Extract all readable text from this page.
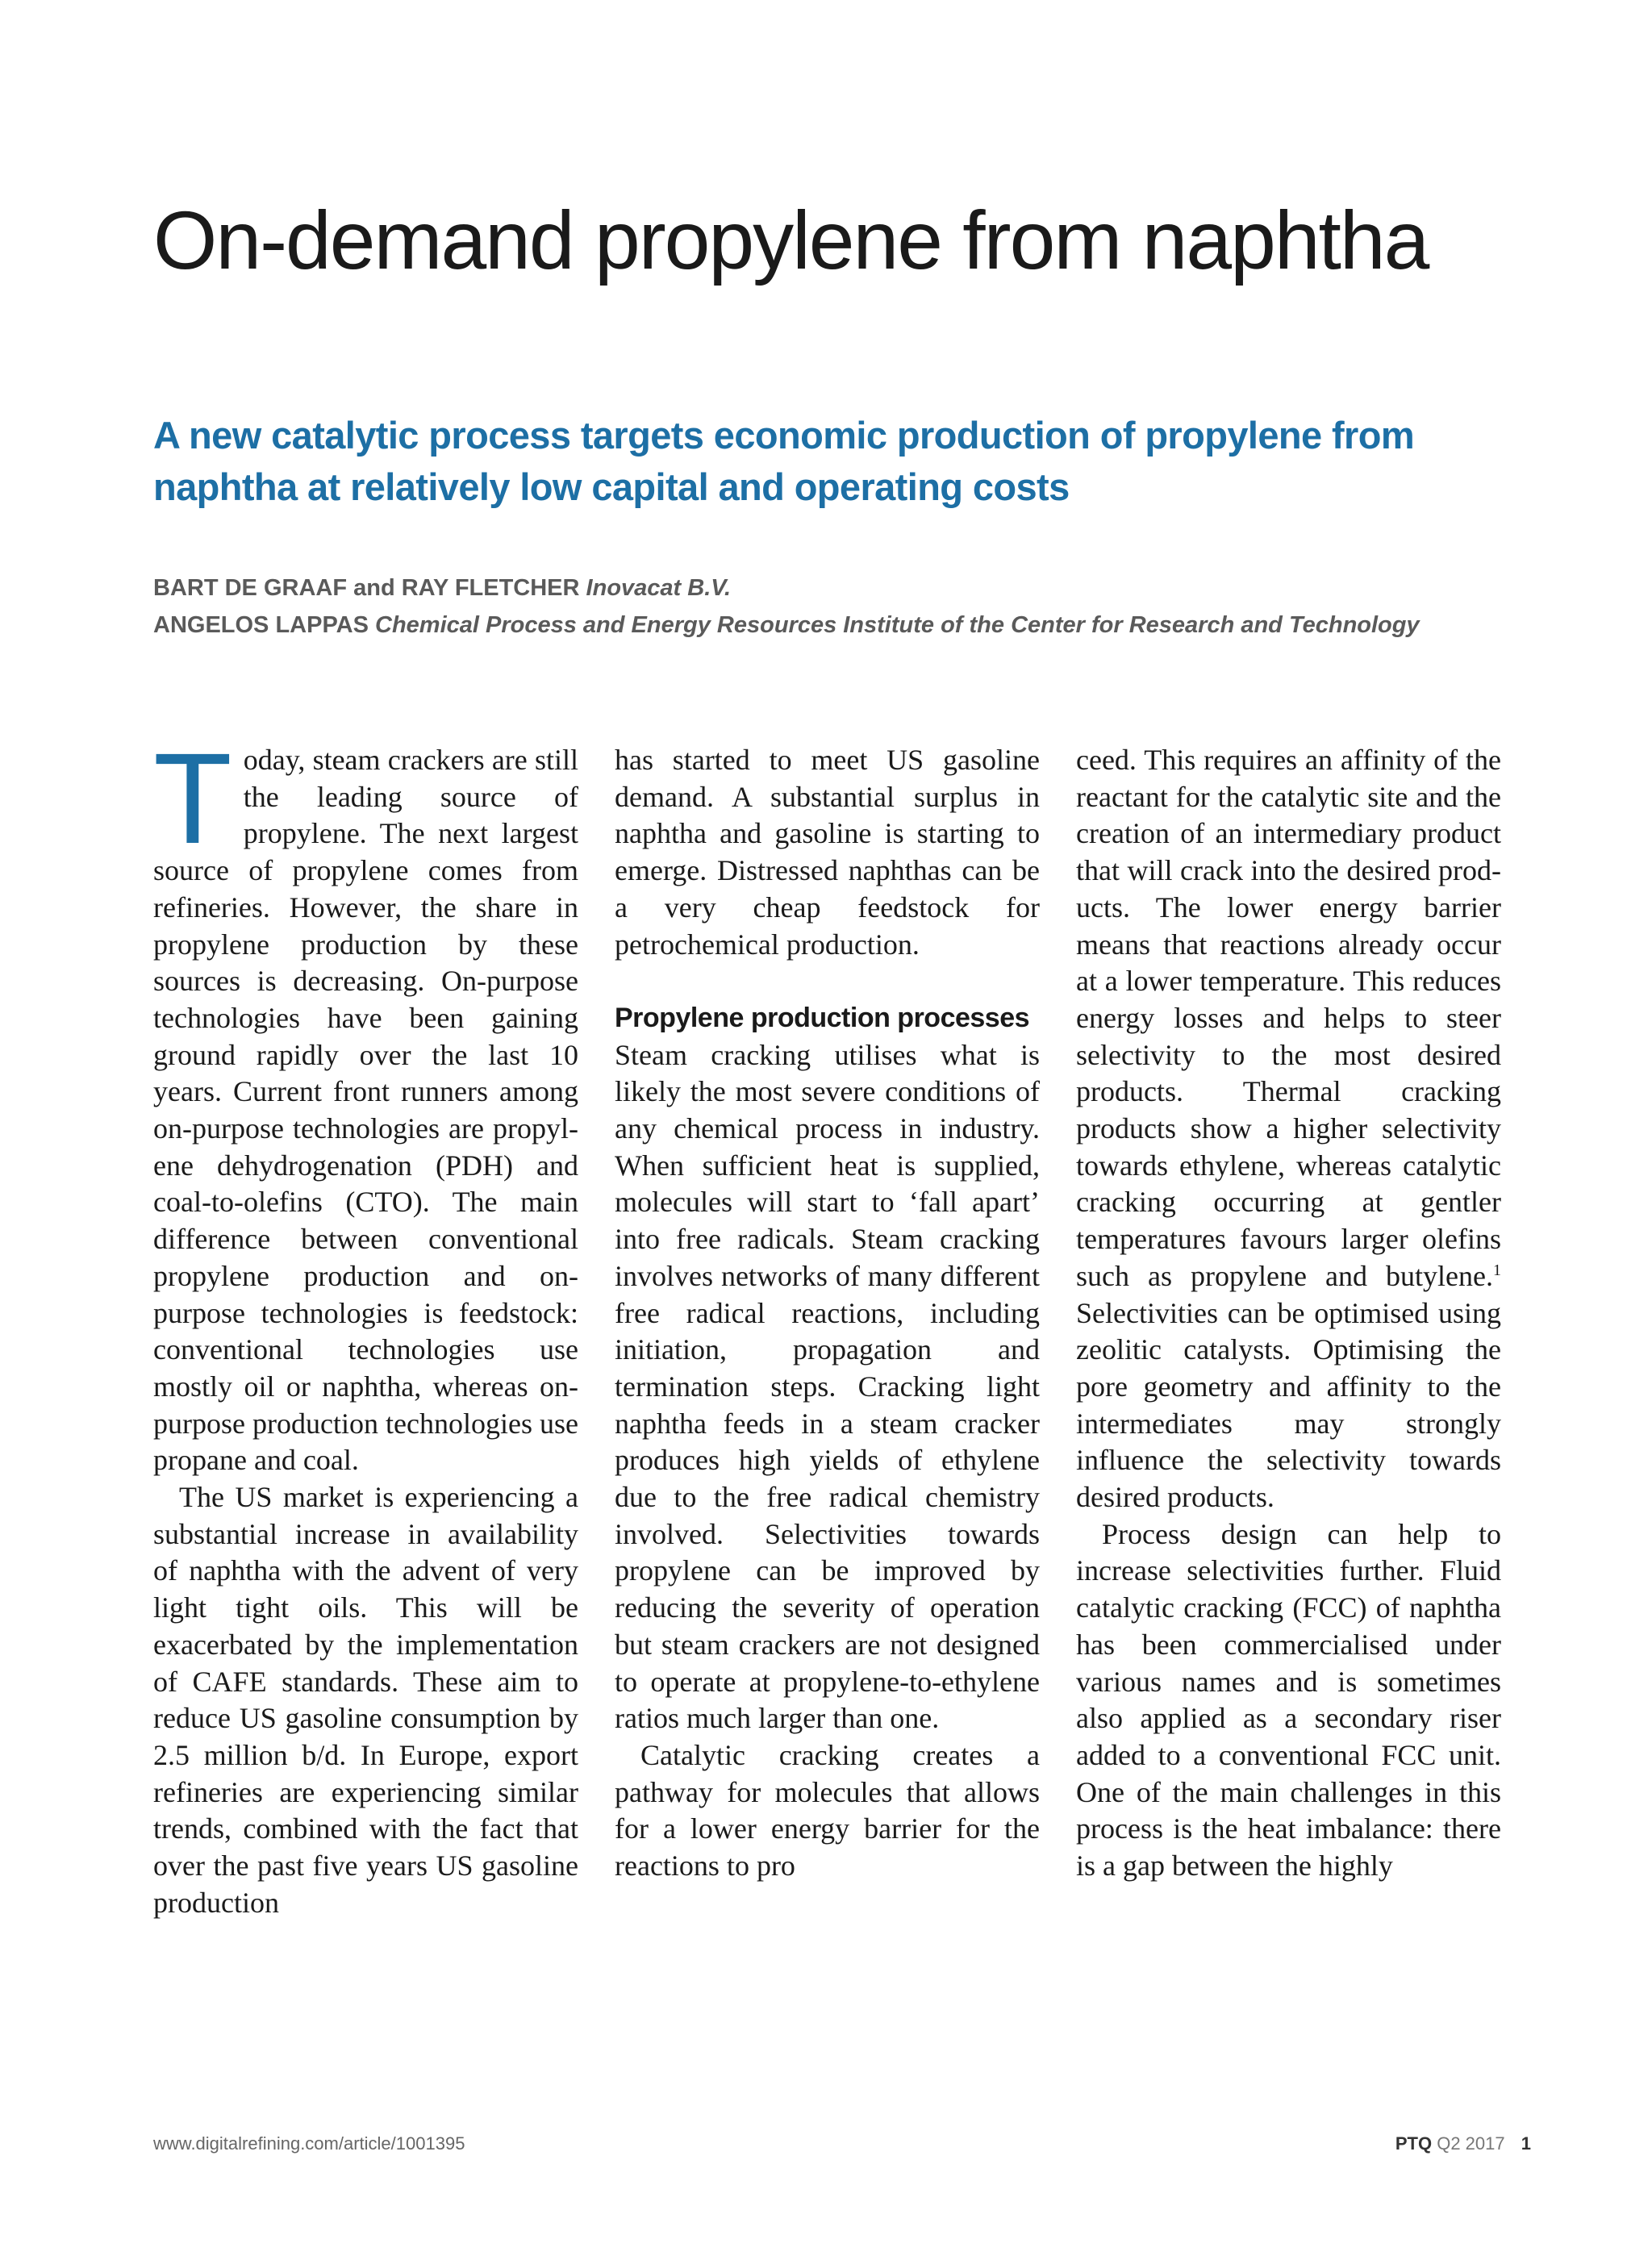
On-demand propylene from naphtha
A new catalytic process targets economic production of propylene from naphtha at relatively low capital and operating costs
BART DE GRAAF and RAY FLETCHER Inovacat B.V.
ANGELOS LAPPAS Chemical Process and Energy Resources Institute of the Center for Research and Technology

Today, steam crackers are still the leading source of propylene. The next largest source of propylene comes from refineries. However, the share in propylene production by these sources is decreasing. On-purpose technologies have been gaining ground rapidly over the last 10 years. Current front runners among on-purpose technologies are propylene dehydrogenation (PDH) and coal-to-olefins (CTO). The main difference between conventional propylene production and on-purpose technologies is feedstock: conventional technologies use mostly oil or naphtha, whereas on-purpose production technologies use propane and coal.

The US market is experiencing a substantial increase in availability of naphtha with the advent of very light tight oils. This will be exacerbated by the implementation of CAFE standards. These aim to reduce US gasoline consumption by 2.5 million b/d. In Europe, export refineries are experiencing similar trends, combined with the fact that over the past five years US gasoline production

has started to meet US gasoline demand. A substantial surplus in naphtha and gasoline is starting to emerge. Distressed naphthas can be a very cheap feedstock for petrochemical production.

Propylene production processes

Steam cracking utilises what is likely the most severe conditions of any chemical process in industry. When sufficient heat is supplied, molecules will start to ‘fall apart’ into free radicals. Steam cracking involves networks of many different free radical reactions, including initiation, propagation and termination steps. Cracking light naphtha feeds in a steam cracker produces high yields of ethylene due to the free radical chemistry involved. Selectivities towards propylene can be improved by reducing the severity of operation but steam crackers are not designed to operate at propylene-to-ethylene ratios much larger than one.

Catalytic cracking creates a pathway for molecules that allows for a lower energy barrier for the reactions to pro

ceed. This requires an affinity of the reactant for the catalytic site and the creation of an intermediary product that will crack into the desired products. The lower energy barrier means that reactions already occur at a lower temperature. This reduces energy losses and helps to steer selectivity to the most desired products. Thermal cracking products show a higher selectivity towards ethylene, whereas catalytic cracking occurring at gentler temperatures favours larger olefins such as propylene and butylene.$^1$ Selectivities can be optimised using zeolitic catalysts. Optimising the pore geometry and affinity to the intermediates may strongly influence the selectivity towards desired products.

Process design can help to increase selectivities further. Fluid catalytic cracking (FCC) of naphtha has been commercialised under various names and is sometimes also applied as a secondary riser added to a conventional FCC unit. One of the main challenges in this process is the heat imbalance: there is a gap between the highly

www.digitalrefining.com/article/1001395	PTQ Q2 2017 1
